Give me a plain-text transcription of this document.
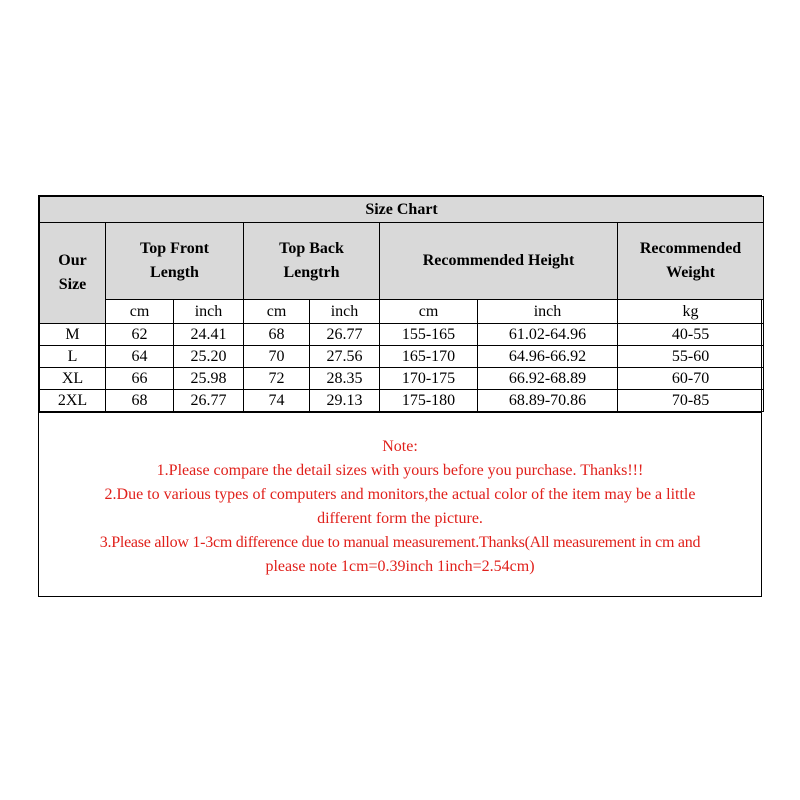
Size Chart							
Our Size	Top Front Length		Top Back Lengtrh		Recommended Height		Recommended Weight
	cm	inch	cm	inch	cm	inch	kg
M	62	24.41	68	26.77	155-165	61.02-64.96	40-55
L	64	25.20	70	27.56	165-170	64.96-66.92	55-60
XL	66	25.98	72	28.35	170-175	66.92-68.89	60-70
2XL	68	26.77	74	29.13	175-180	68.89-70.86	70-85
Note:
1.Please compare the detail sizes with yours before you purchase. Thanks!!!
2.Due to various types of computers and monitors,the actual color of the item may be a little
different form the picture.
3.Please allow 1-3cm difference due to manual measurement.Thanks(All measurement in cm and
please note 1cm=0.39inch 1inch=2.54cm)
